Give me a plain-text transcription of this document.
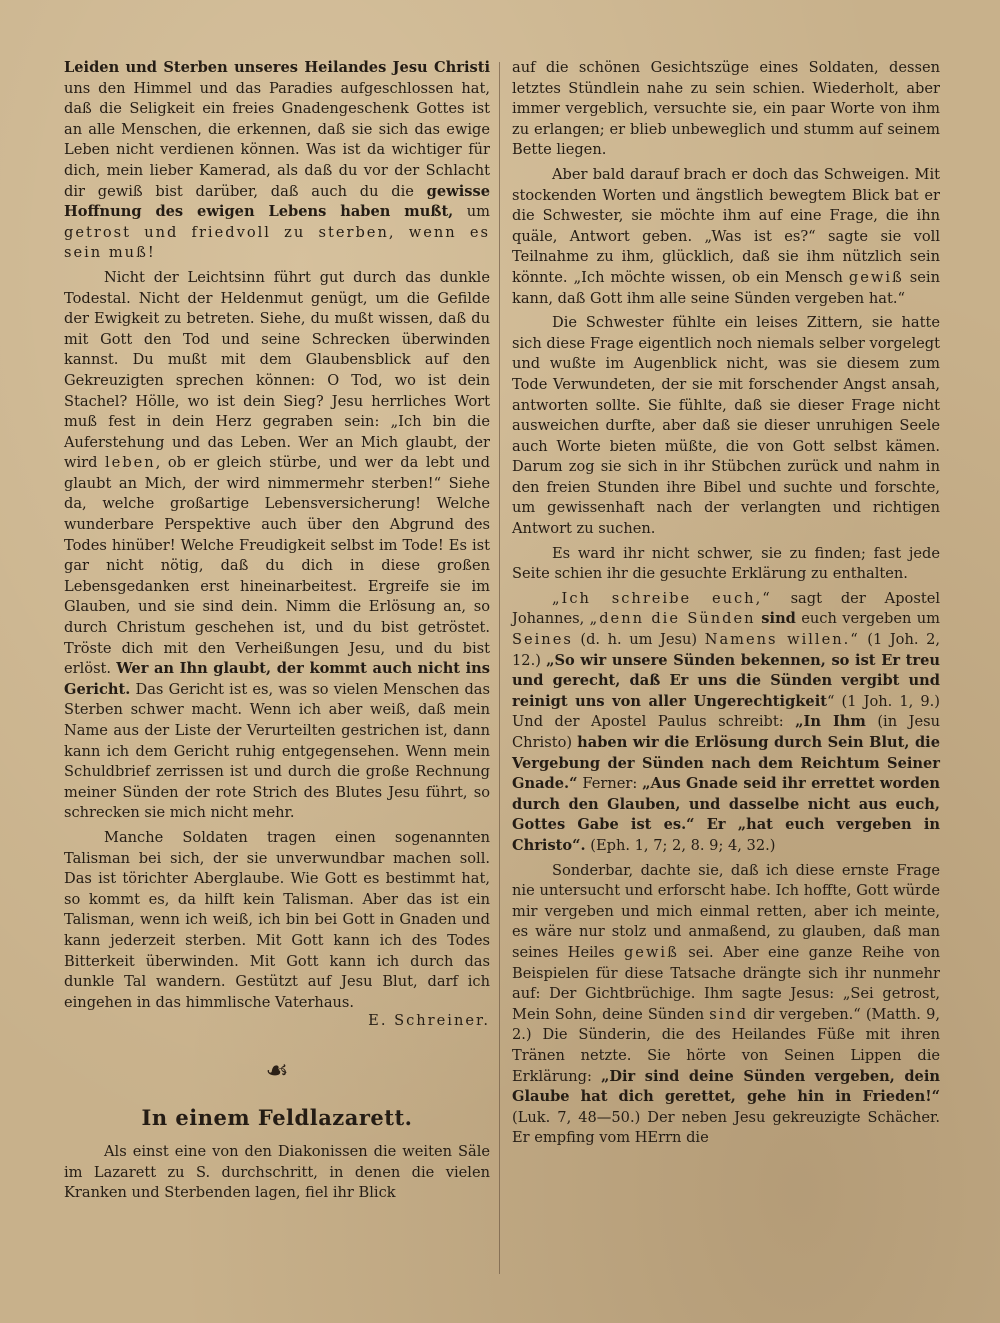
Leiden und Sterben unseres Heilandes Jesu Christi uns den Himmel und das Paradies aufgeschlossen hat, daß die Seligkeit ein freies Gnadengeschenk Gottes ist an alle Menschen, die erkennen, daß sie sich das ewige Leben nicht verdienen können. Was ist da wichtiger für dich, mein lieber Kamerad, als daß du vor der Schlacht dir gewiß bist darüber, daß auch du die gewisse Hoffnung des ewigen Lebens haben mußt, um getrost und friedvoll zu sterben, wenn es sein muß!

Nicht der Leichtsinn führt gut durch das dunkle Todestal. Nicht der Heldenmut genügt, um die Gefilde der Ewigkeit zu betreten. Siehe, du mußt wissen, daß du mit Gott den Tod und seine Schrecken überwinden kannst. Du mußt mit dem Glaubensblick auf den Gekreuzigten sprechen können: O Tod, wo ist dein Stachel? Hölle, wo ist dein Sieg? Jesu herrliches Wort muß fest in dein Herz gegraben sein: „Ich bin die Auferstehung und das Leben. Wer an Mich glaubt, der wird leben, ob er gleich stürbe, und wer da lebt und glaubt an Mich, der wird nimmermehr sterben!“ Siehe da, welche großartige Lebensversicherung! Welche wunderbare Perspektive auch über den Abgrund des Todes hinüber! Welche Freudigkeit selbst im Tode! Es ist gar nicht nötig, daß du dich in diese großen Lebensgedanken erst hineinarbeitest. Ergreife sie im Glauben, und sie sind dein. Nimm die Erlösung an, so durch Christum geschehen ist, und du bist getröstet. Tröste dich mit den Verheißungen Jesu, und du bist erlöst. Wer an Ihn glaubt, der kommt auch nicht ins Gericht. Das Gericht ist es, was so vielen Menschen das Sterben schwer macht. Wenn ich aber weiß, daß mein Name aus der Liste der Verurteilten gestrichen ist, dann kann ich dem Gericht ruhig entgegensehen. Wenn mein Schuldbrief zerrissen ist und durch die große Rechnung meiner Sünden der rote Strich des Blutes Jesu führt, so schrecken sie mich nicht mehr.

Manche Soldaten tragen einen sogenannten Talisman bei sich, der sie unverwundbar machen soll. Das ist törichter Aberglaube. Wie Gott es bestimmt hat, so kommt es, da hilft kein Talisman. Aber das ist ein Talisman, wenn ich weiß, ich bin bei Gott in Gnaden und kann jederzeit sterben. Mit Gott kann ich des Todes Bitterkeit überwinden. Mit Gott kann ich durch das dunkle Tal wandern. Gestützt auf Jesu Blut, darf ich eingehen in das himmlische Vaterhaus.
E. Schreiner.

☙
In einem Feldlazarett.

Als einst eine von den Diakonissen die weiten Säle im Lazarett zu S. durchschritt, in denen die vielen Kranken und Sterbenden lagen, fiel ihr Blick

auf die schönen Gesichtszüge eines Soldaten, dessen letztes Stündlein nahe zu sein schien. Wiederholt, aber immer vergeblich, versuchte sie, ein paar Worte von ihm zu erlangen; er blieb unbeweglich und stumm auf seinem Bette liegen.

Aber bald darauf brach er doch das Schweigen. Mit stockenden Worten und ängstlich bewegtem Blick bat er die Schwester, sie möchte ihm auf eine Frage, die ihn quäle, Antwort geben. „Was ist es?“ sagte sie voll Teilnahme zu ihm, glücklich, daß sie ihm nützlich sein könnte. „Ich möchte wissen, ob ein Mensch gewiß sein kann, daß Gott ihm alle seine Sünden vergeben hat.“

Die Schwester fühlte ein leises Zittern, sie hatte sich diese Frage eigentlich noch niemals selber vorgelegt und wußte im Augenblick nicht, was sie diesem zum Tode Verwundeten, der sie mit forschender Angst ansah, antworten sollte. Sie fühlte, daß sie dieser Frage nicht ausweichen durfte, aber daß sie dieser unruhigen Seele auch Worte bieten müßte, die von Gott selbst kämen. Darum zog sie sich in ihr Stübchen zurück und nahm in den freien Stunden ihre Bibel und suchte und forschte, um gewissenhaft nach der verlangten und richtigen Antwort zu suchen.

Es ward ihr nicht schwer, sie zu finden; fast jede Seite schien ihr die gesuchte Erklärung zu enthalten.

„Ich schreibe euch,“ sagt der Apostel Johannes, „denn die Sünden sind euch vergeben um Seines (d. h. um Jesu) Namens willen.“ (1 Joh. 2, 12.) „So wir unsere Sünden bekennen, so ist Er treu und gerecht, daß Er uns die Sünden vergibt und reinigt uns von aller Ungerechtigkeit“ (1 Joh. 1, 9.) Und der Apostel Paulus schreibt: „In Ihm (in Jesu Christo) haben wir die Erlösung durch Sein Blut, die Vergebung der Sünden nach dem Reichtum Seiner Gnade.“ Ferner: „Aus Gnade seid ihr errettet worden durch den Glauben, und dasselbe nicht aus euch, Gottes Gabe ist es.“ Er „hat euch vergeben in Christo“. (Eph. 1, 7; 2, 8. 9; 4, 32.)

Sonderbar, dachte sie, daß ich diese ernste Frage nie untersucht und erforscht habe. Ich hoffte, Gott würde mir vergeben und mich einmal retten, aber ich meinte, es wäre nur stolz und anmaßend, zu glauben, daß man seines Heiles gewiß sei. Aber eine ganze Reihe von Beispielen für diese Tatsache drängte sich ihr nunmehr auf: Der Gichtbrüchige. Ihm sagte Jesus: „Sei getrost, Mein Sohn, deine Sünden sind dir vergeben.“ (Matth. 9, 2.) Die Sünderin, die des Heilandes Füße mit ihren Tränen netzte. Sie hörte von Seinen Lippen die Erklärung: „Dir sind deine Sünden vergeben, dein Glaube hat dich gerettet, gehe hin in Frieden!“ (Luk. 7, 48—50.) Der neben Jesu gekreuzigte Schächer. Er empfing vom HErrn die
